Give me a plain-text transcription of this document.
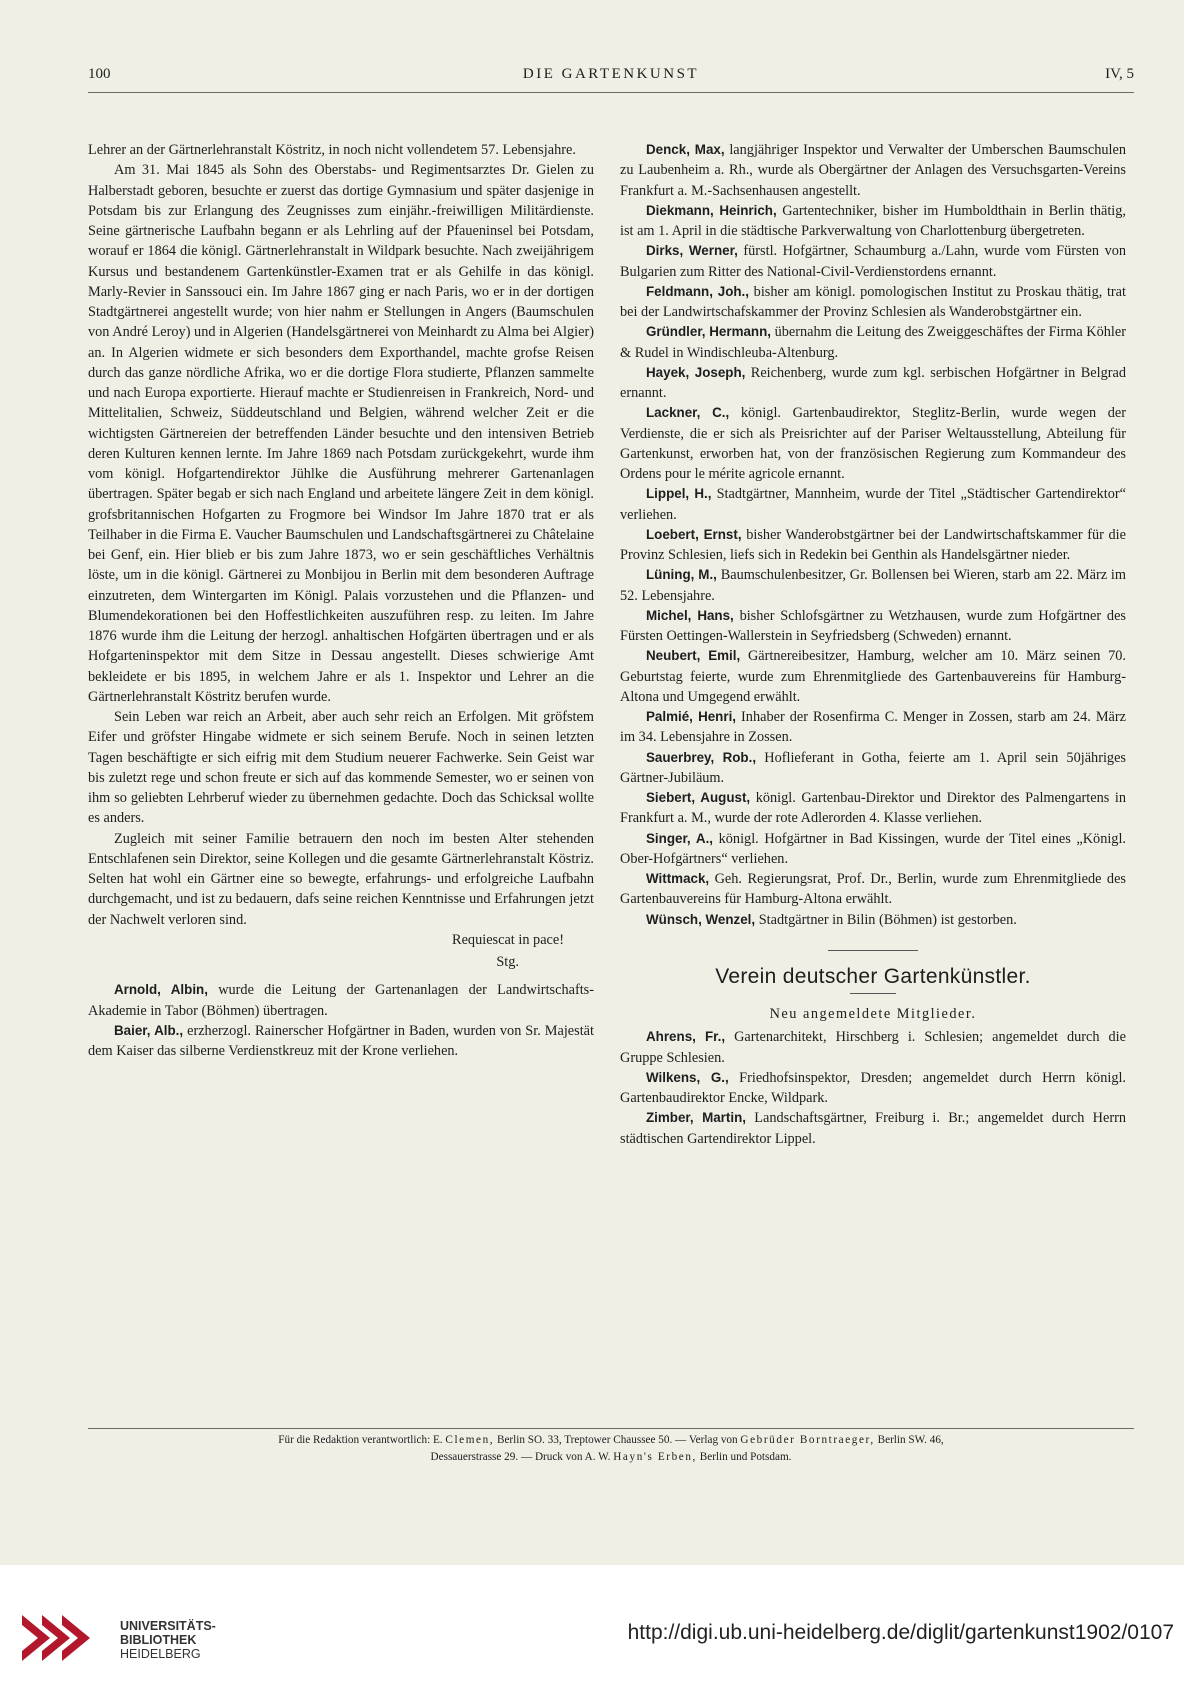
100	DIE GARTENKUNST	IV, 5

Lehrer an der Gärtnerlehranstalt Köstritz, in noch nicht vollendetem 57. Lebensjahre.

Am 31. Mai 1845 als Sohn des Oberstabs- und Regimentsarztes Dr. Gielen zu Halberstadt geboren, besuchte er zuerst das dortige Gymnasium und später dasjenige in Potsdam bis zur Erlangung des Zeugnisses zum einjähr.-freiwilligen Militärdienste. Seine gärtnerische Laufbahn begann er als Lehrling auf der Pfaueninsel bei Potsdam, worauf er 1864 die königl. Gärtnerlehranstalt in Wildpark besuchte. Nach zweijährigem Kursus und bestandenem Gartenkünstler-Examen trat er als Gehilfe in das königl. Marly-Revier in Sanssouci ein. Im Jahre 1867 ging er nach Paris, wo er in der dortigen Stadtgärtnerei angestellt wurde; von hier nahm er Stellungen in Angers (Baumschulen von André Leroy) und in Algerien (Handelsgärtnerei von Meinhardt zu Alma bei Algier) an. In Algerien widmete er sich besonders dem Exporthandel, machte grofse Reisen durch das ganze nördliche Afrika, wo er die dortige Flora studierte, Pflanzen sammelte und nach Europa exportierte. Hierauf machte er Studienreisen in Frankreich, Nord- und Mittelitalien, Schweiz, Süddeutschland und Belgien, während welcher Zeit er die wichtigsten Gärtnereien der betreffenden Länder besuchte und den intensiven Betrieb deren Kulturen kennen lernte. Im Jahre 1869 nach Potsdam zurückgekehrt, wurde ihm vom königl. Hofgartendirektor Jühlke die Ausführung mehrerer Gartenanlagen übertragen. Später begab er sich nach England und arbeitete längere Zeit in dem königl. grofsbritannischen Hofgarten zu Frogmore bei Windsor Im Jahre 1870 trat er als Teilhaber in die Firma E. Vaucher Baumschulen und Landschaftsgärtnerei zu Châtelaine bei Genf, ein. Hier blieb er bis zum Jahre 1873, wo er sein geschäftliches Verhältnis löste, um in die königl. Gärtnerei zu Monbijou in Berlin mit dem besonderen Auftrage einzutreten, dem Wintergarten im Königl. Palais vorzustehen und die Pflanzen- und Blumendekorationen bei den Hoffestlichkeiten auszuführen resp. zu leiten. Im Jahre 1876 wurde ihm die Leitung der herzogl. anhaltischen Hofgärten übertragen und er als Hofgarteninspektor mit dem Sitze in Dessau angestellt. Dieses schwierige Amt bekleidete er bis 1895, in welchem Jahre er als 1. Inspektor und Lehrer an die Gärtnerlehranstalt Köstritz berufen wurde.

Sein Leben war reich an Arbeit, aber auch sehr reich an Erfolgen. Mit gröfstem Eifer und gröfster Hingabe widmete er sich seinem Berufe. Noch in seinen letzten Tagen beschäftigte er sich eifrig mit dem Studium neuerer Fachwerke. Sein Geist war bis zuletzt rege und schon freute er sich auf das kommende Semester, wo er seinen von ihm so geliebten Lehrberuf wieder zu übernehmen gedachte. Doch das Schicksal wollte es anders.

Zugleich mit seiner Familie betrauern den noch im besten Alter stehenden Entschlafenen sein Direktor, seine Kollegen und die gesamte Gärtnerlehranstalt Köstriz. Selten hat wohl ein Gärtner eine so bewegte, erfahrungs- und erfolgreiche Laufbahn durchgemacht, und ist zu bedauern, dafs seine reichen Kenntnisse und Erfahrungen jetzt der Nachwelt verloren sind.

Requiescat in pace!

Stg.

Arnold, Albin, wurde die Leitung der Gartenanlagen der Landwirtschafts-Akademie in Tabor (Böhmen) übertragen.

Baier, Alb., erzherzogl. Rainerscher Hofgärtner in Baden, wurden von Sr. Majestät dem Kaiser das silberne Verdienstkreuz mit der Krone verliehen.

Denck, Max, langjähriger Inspektor und Verwalter der Umberschen Baumschulen zu Laubenheim a. Rh., wurde als Obergärtner der Anlagen des Versuchsgarten-Vereins Frankfurt a. M.-Sachsenhausen angestellt.

Diekmann, Heinrich, Gartentechniker, bisher im Humboldthain in Berlin thätig, ist am 1. April in die städtische Parkverwaltung von Charlottenburg übergetreten.

Dirks, Werner, fürstl. Hofgärtner, Schaumburg a./Lahn, wurde vom Fürsten von Bulgarien zum Ritter des National-Civil-Verdienstordens ernannt.

Feldmann, Joh., bisher am königl. pomologischen Institut zu Proskau thätig, trat bei der Landwirtschafskammer der Provinz Schlesien als Wanderobstgärtner ein.

Gründler, Hermann, übernahm die Leitung des Zweiggeschäftes der Firma Köhler & Rudel in Windischleuba-Altenburg.

Hayek, Joseph, Reichenberg, wurde zum kgl. serbischen Hofgärtner in Belgrad ernannt.

Lackner, C., königl. Gartenbaudirektor, Steglitz-Berlin, wurde wegen der Verdienste, die er sich als Preisrichter auf der Pariser Weltausstellung, Abteilung für Gartenkunst, erworben hat, von der französischen Regierung zum Kommandeur des Ordens pour le mérite agricole ernannt.

Lippel, H., Stadtgärtner, Mannheim, wurde der Titel „Städtischer Gartendirektor“ verliehen.

Loebert, Ernst, bisher Wanderobstgärtner bei der Landwirtschaftskammer für die Provinz Schlesien, liefs sich in Redekin bei Genthin als Handelsgärtner nieder.

Lüning, M., Baumschulenbesitzer, Gr. Bollensen bei Wieren, starb am 22. März im 52. Lebensjahre.

Michel, Hans, bisher Schlofsgärtner zu Wetzhausen, wurde zum Hofgärtner des Fürsten Oettingen-Wallerstein in Seyfriedsberg (Schweden) ernannt.

Neubert, Emil, Gärtnereibesitzer, Hamburg, welcher am 10. März seinen 70. Geburtstag feierte, wurde zum Ehrenmitgliede des Gartenbauvereins für Hamburg-Altona und Umgegend erwählt.

Palmié, Henri, Inhaber der Rosenfirma C. Menger in Zossen, starb am 24. März im 34. Lebensjahre in Zossen.

Sauerbrey, Rob., Hoflieferant in Gotha, feierte am 1. April sein 50jähriges Gärtner-Jubiläum.

Siebert, August, königl. Gartenbau-Direktor und Direktor des Palmengartens in Frankfurt a. M., wurde der rote Adlerorden 4. Klasse verliehen.

Singer, A., königl. Hofgärtner in Bad Kissingen, wurde der Titel eines „Königl. Ober-Hofgärtners“ verliehen.

Wittmack, Geh. Regierungsrat, Prof. Dr., Berlin, wurde zum Ehrenmitgliede des Gartenbauvereins für Hamburg-Altona erwählt.

Wünsch, Wenzel, Stadtgärtner in Bilin (Böhmen) ist gestorben.

Verein deutscher Gartenkünstler.
Neu angemeldete Mitglieder.

Ahrens, Fr., Gartenarchitekt, Hirschberg i. Schlesien; angemeldet durch die Gruppe Schlesien.

Wilkens, G., Friedhofsinspektor, Dresden; angemeldet durch Herrn königl. Gartenbaudirektor Encke, Wildpark.

Zimber, Martin, Landschaftsgärtner, Freiburg i. Br.; angemeldet durch Herrn städtischen Gartendirektor Lippel.

Für die Redaktion verantwortlich: E. Clemen, Berlin SO. 33, Treptower Chaussee 50. — Verlag von Gebrüder Borntraeger, Berlin SW. 46,
Dessauerstrasse 29. — Druck von A. W. Hayn's Erben, Berlin und Potsdam.
UNIVERSITÄTS-
BIBLIOTHEK
HEIDELBERG
http://digi.ub.uni-heidelberg.de/diglit/gartenkunst1902/0107
